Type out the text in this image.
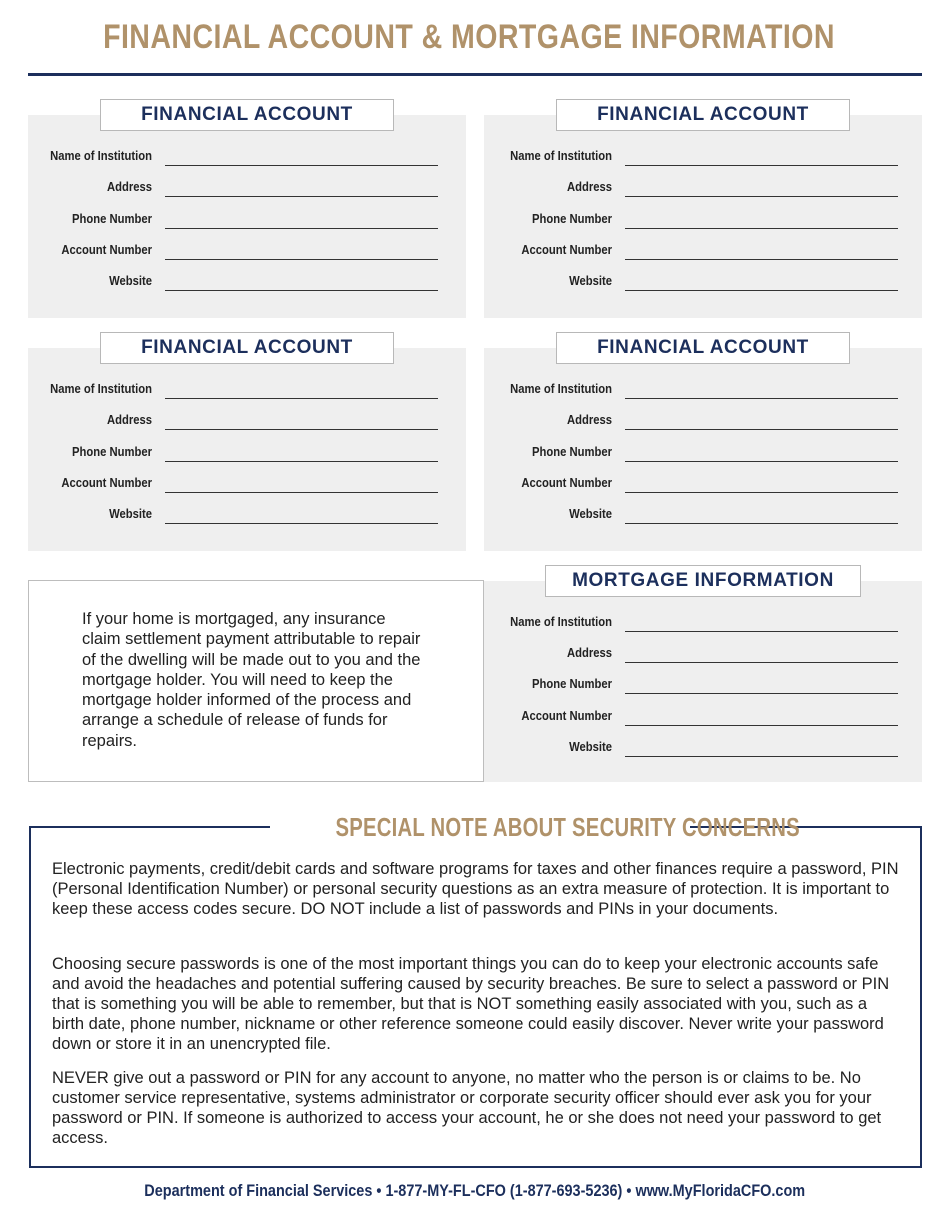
FINANCIAL ACCOUNT & MORTGAGE INFORMATION
Name of Institution
Address
Phone Number
Account Number
Website
FINANCIAL ACCOUNT
Name of Institution
Address
Phone Number
Account Number
Website
FINANCIAL ACCOUNT
Name of Institution
Address
Phone Number
Account Number
Website
FINANCIAL ACCOUNT
Name of Institution
Address
Phone Number
Account Number
Website
FINANCIAL ACCOUNT

If your home is mortgaged, any insurance claim settlement payment attributable to repair of the dwelling will be made out to you and the mortgage holder. You will need to keep the mortgage holder informed of the process and arrange a schedule of release of funds for repairs.

Name of Institution
Address
Phone Number
Account Number
Website
MORTGAGE INFORMATION
SPECIAL NOTE ABOUT SECURITY CONCERNS

Electronic payments, credit/debit cards and software programs for taxes and other finances require a password, PIN (Personal Identification Number) or personal security questions as an extra measure of protection. It is important to keep these access codes secure. DO NOT include a list of passwords and PINs in your documents.

Choosing secure passwords is one of the most important things you can do to keep your electronic accounts safe and avoid the headaches and potential suffering caused by security breaches. Be sure to select a password or PIN that is something you will be able to remember, but that is NOT something easily associated with you, such as a birth date, phone number, nickname or other reference someone could easily discover. Never write your password down or store it in an unencrypted file.

NEVER give out a password or PIN for any account to anyone, no matter who the person is or claims to be. No customer service representative, systems administrator or corporate security officer should ever ask you for your password or PIN. If someone is authorized to access your account, he or she does not need your password to get access.

Department of Financial Services • 1-877-MY-FL-CFO (1-877-693-5236) • www.MyFloridaCFO.com
